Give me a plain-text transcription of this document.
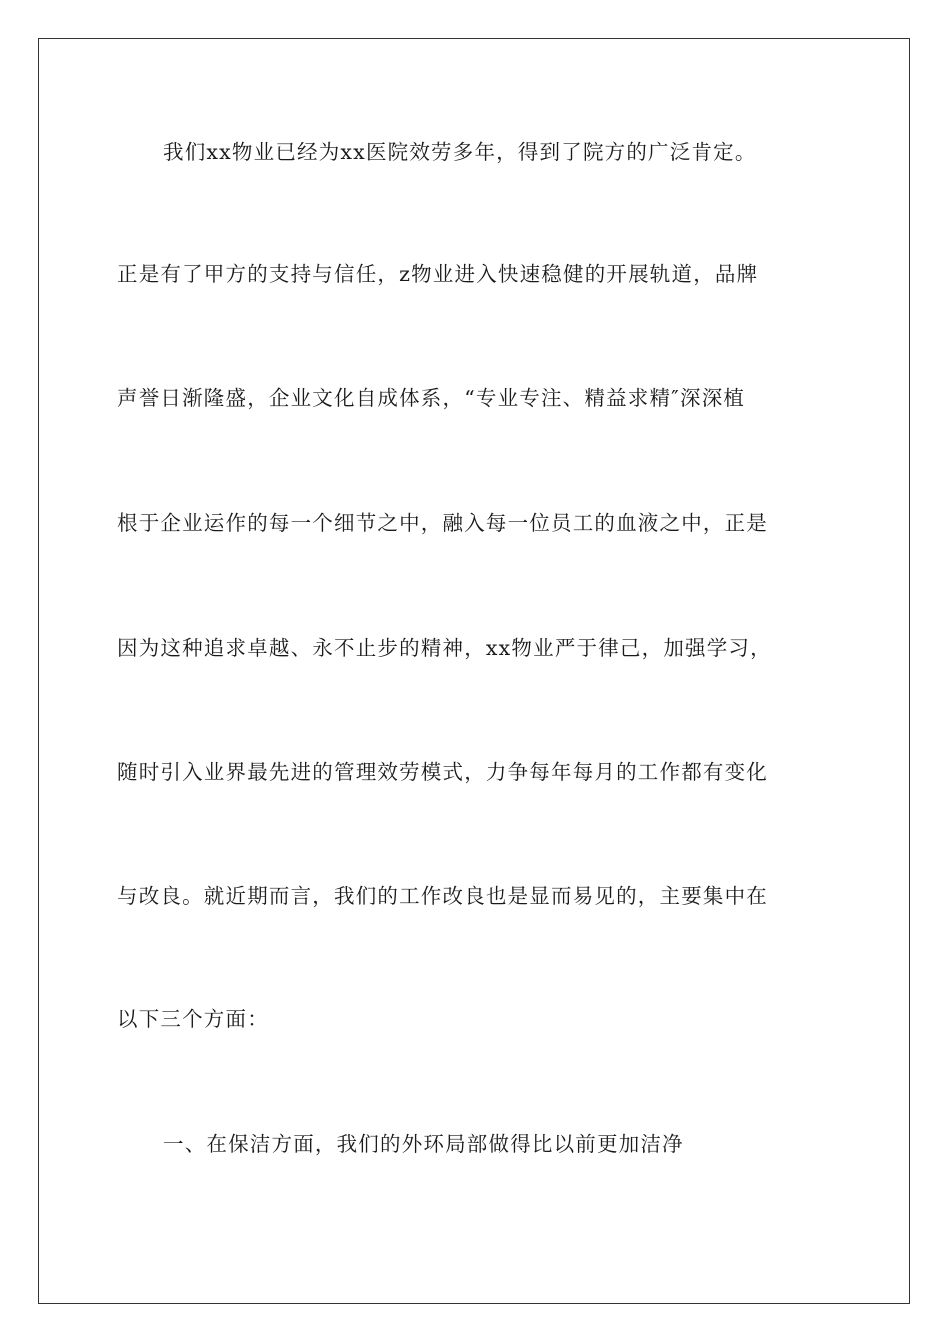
我们xx物业已经为xx医院效劳多年，得到了院方的广泛肯定。
正是有了甲方的支持与信任，z物业进入快速稳健的开展轨道，品牌
声誉日渐隆盛，企业文化自成体系，“专业专注、精益求精″深深植
根于企业运作的每一个细节之中，融入每一位员工的血液之中，正是
因为这种追求卓越、永不止步的精神，xx物业严于律己，加强学习，
随时引入业界最先进的管理效劳模式，力争每年每月的工作都有变化
与改良。就近期而言，我们的工作改良也是显而易见的，主要集中在
以下三个方面：
一、在保洁方面，我们的外环局部做得比以前更加洁净
